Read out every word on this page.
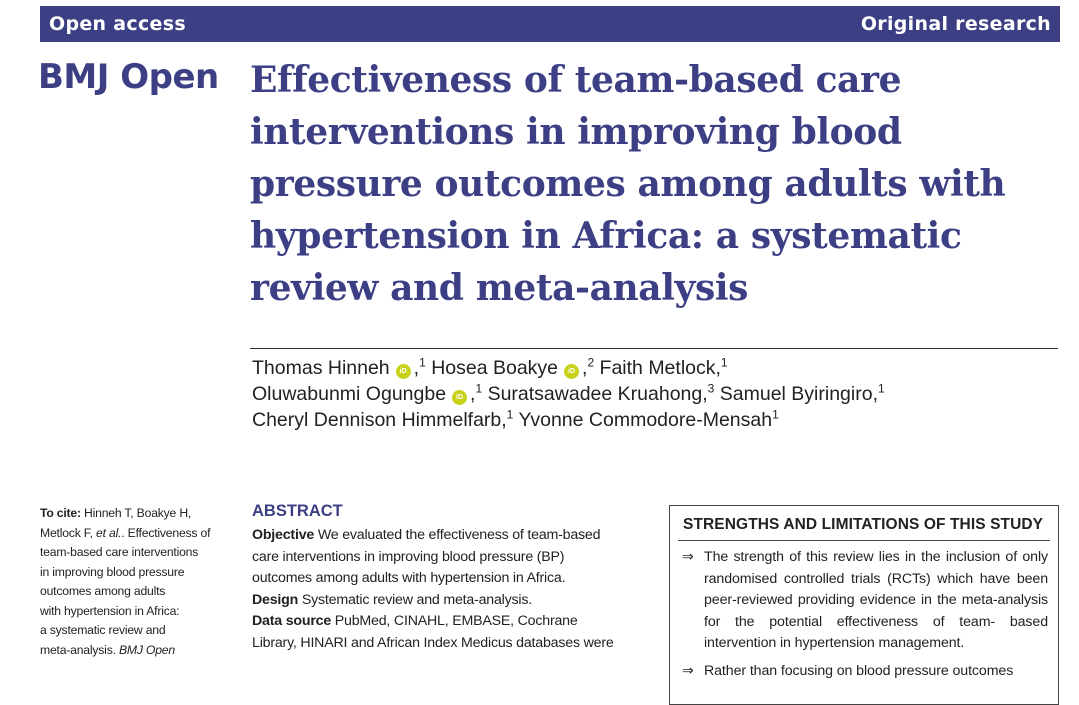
Open access	Original research
BMJ Open Effectiveness of team-based care interventions in improving blood pressure outcomes among adults with hypertension in Africa: a systematic review and meta-analysis
Thomas Hinneh iD ,$^1$ Hosea Boakye iD ,$^2$ Faith Metlock,$^1$
Oluwabunmi Ogungbe iD ,$^1$ Suratsawadee Kruahong,$^3$ Samuel Byiringiro,$^1$
Cheryl Dennison Himmelfarb,$^1$ Yvonne Commodore-Mensah$^1$
To cite: Hinneh T, Boakye H,
Metlock F, et al.. Effectiveness of
team-based care interventions
in improving blood pressure
outcomes among adults
with hypertension in Africa:
a systematic review and
meta-analysis. BMJ Open
ABSTRACT
Objective We evaluated the effectiveness of team-based
care interventions in improving blood pressure (BP)
outcomes among adults with hypertension in Africa.
Design Systematic review and meta-analysis.
Data source PubMed, CINAHL, EMBASE, Cochrane
Library, HINARI and African Index Medicus databases were
STRENGTHS AND LIMITATIONS OF THIS STUDY
⇒ The strength of this review lies in the inclusion of only randomised controlled trials (RCTs) which have been peer-reviewed providing evidence in the meta-analysis for the potential effectiveness of team- based intervention in hypertension management.
⇒ Rather than focusing on blood pressure outcomes
